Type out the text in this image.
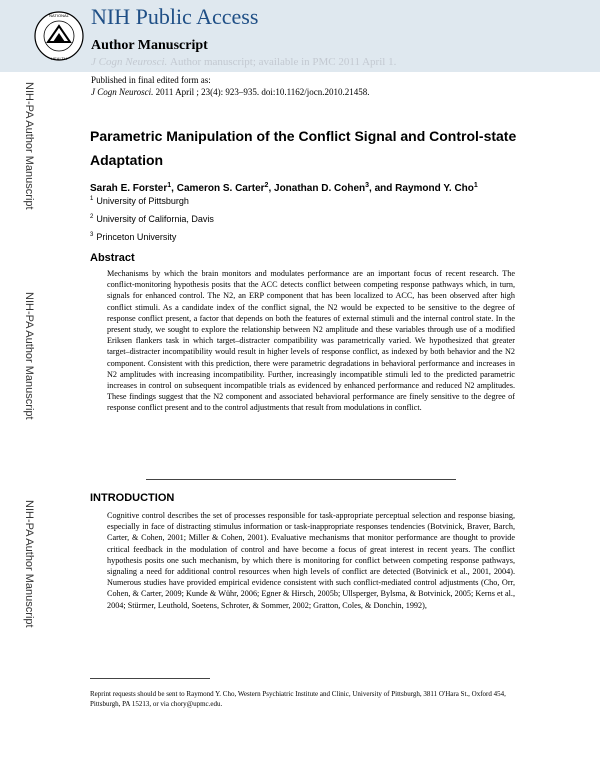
NATIONAL
HEALTH
NIH Public Access
Author Manuscript
J Cogn Neurosci. Author manuscript; available in PMC 2011 April 1.
Published in final edited form as:
J Cogn Neurosci. 2011 April ; 23(4): 923–935. doi:10.1162/jocn.2010.21458.
NIH-PA Author Manuscript
NIH-PA Author Manuscript
NIH-PA Author Manuscript
Parametric Manipulation of the Conflict Signal and Control-state Adaptation
Sarah E. Forster$^1$, Cameron S. Carter$^2$, Jonathan D. Cohen$^3$, and Raymond Y. Cho$^1$
$^1$ University of Pittsburgh
$^2$ University of California, Davis
$^3$ Princeton University
Abstract
Mechanisms by which the brain monitors and modulates performance are an important focus of recent research. The conflict-monitoring hypothesis posits that the ACC detects conflict between competing response pathways which, in turn, signals for enhanced control. The N2, an ERP component that has been localized to ACC, has been observed after high conflict stimuli. As a candidate index of the conflict signal, the N2 would be expected to be sensitive to the degree of response conflict present, a factor that depends on both the features of external stimuli and the internal control state. In the present study, we sought to explore the relationship between N2 amplitude and these variables through use of a modified Eriksen flankers task in which target–distracter compatibility was parametrically varied. We hypothesized that greater target–distracter incompatibility would result in higher levels of response conflict, as indexed by both behavior and the N2 component. Consistent with this prediction, there were parametric degradations in behavioral performance and increases in N2 amplitudes with increasing incompatibility. Further, increasingly incompatible stimuli led to the predicted parametric increases in control on subsequent incompatible trials as evidenced by enhanced performance and reduced N2 amplitudes. These findings suggest that the N2 component and associated behavioral performance are finely sensitive to the degree of response conflict present and to the control adjustments that result from modulations in conflict.
INTRODUCTION
Cognitive control describes the set of processes responsible for task-appropriate perceptual selection and response biasing, especially in face of distracting stimulus information or task-inappropriate responses tendencies (Botvinick, Braver, Barch, Carter, & Cohen, 2001; Miller & Cohen, 2001). Evaluative mechanisms that monitor performance are thought to provide critical feedback in the modulation of control and have become a focus of great interest in recent years. The conflict hypothesis posits one such mechanism, by which there is monitoring for conflict between competing response pathways, signaling a need for additional control resources when high levels of conflict are detected (Botvinick et al., 2001, 2004). Numerous studies have provided empirical evidence consistent with such conflict-mediated control adjustments (Cho, Orr, Cohen, & Carter, 2009; Kunde & Wühr, 2006; Egner & Hirsch, 2005b; Ullsperger, Bylsma, & Botvinick, 2005; Kerns et al., 2004; Stürmer, Leuthold, Soetens, Schroter, & Sommer, 2002; Gratton, Coles, & Donchin, 1992),
Reprint requests should be sent to Raymond Y. Cho, Western Psychiatric Institute and Clinic, University of Pittsburgh, 3811 O'Hara St., Oxford 454, Pittsburgh, PA 15213, or via chory@upmc.edu.
